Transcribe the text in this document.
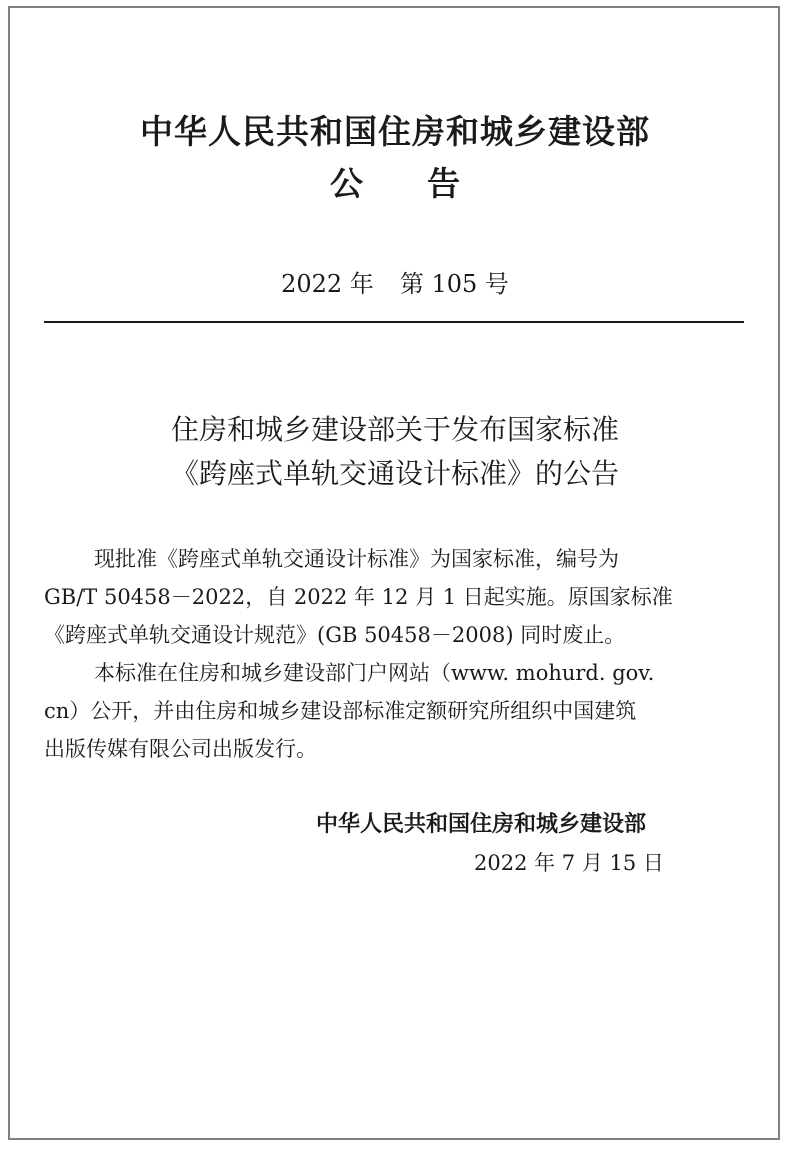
中华人民共和国住房和城乡建设部
公 告
2022 年 第 105 号
住房和城乡建设部关于发布国家标准
《跨座式单轨交通设计标准》的公告

现批准《跨座式单轨交通设计标准》为国家标准，编号为
GB/T 50458－2022，自 2022 年 12 月 1 日起实施。原国家标准
《跨座式单轨交通设计规范》(GB 50458－2008) 同时废止。

本标准在住房和城乡建设部门户网站（www. mohurd. gov.
cn）公开，并由住房和城乡建设部标准定额研究所组织中国建筑
出版传媒有限公司出版发行。

中华人民共和国住房和城乡建设部
2022 年 7 月 15 日
